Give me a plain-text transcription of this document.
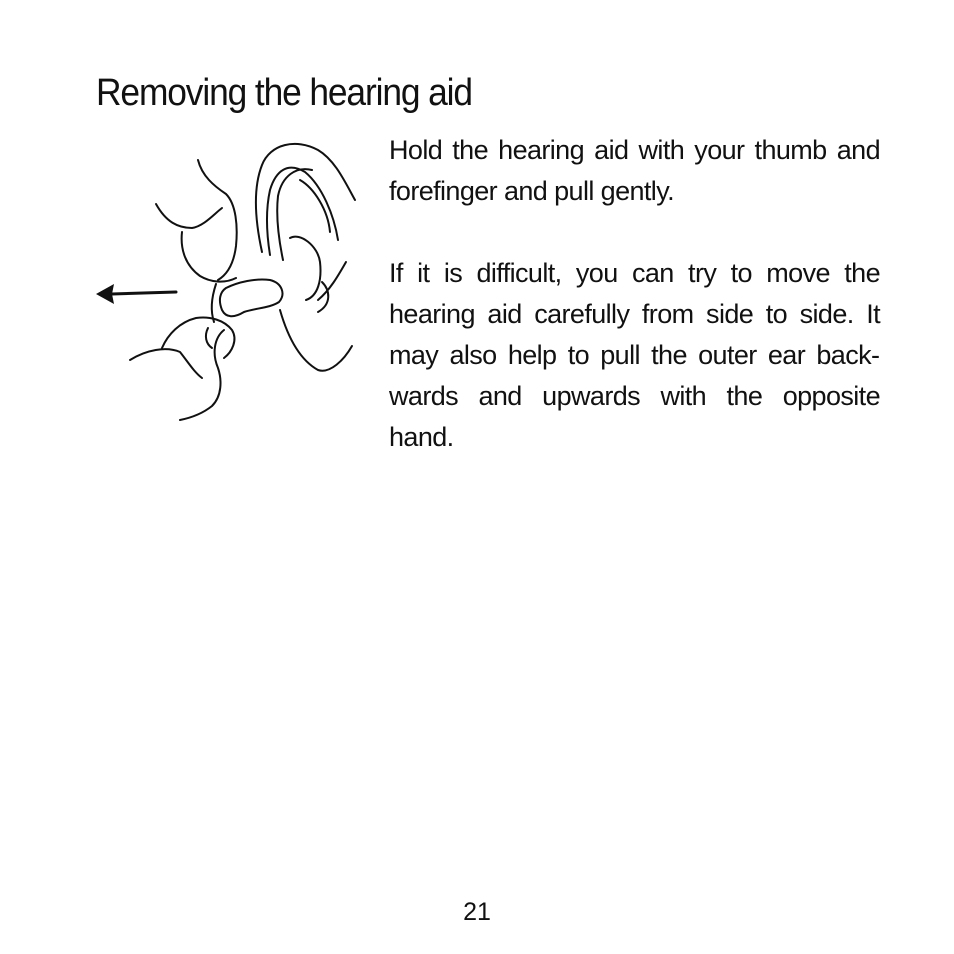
Removing the hearing aid

Hold the hearing aid with your thumb and forefinger and pull gently.

If it is difficult, you can try to move the hearing aid carefully from side to side. It may also help to pull the outer ear backwards and upwards with the opposite hand.

21
